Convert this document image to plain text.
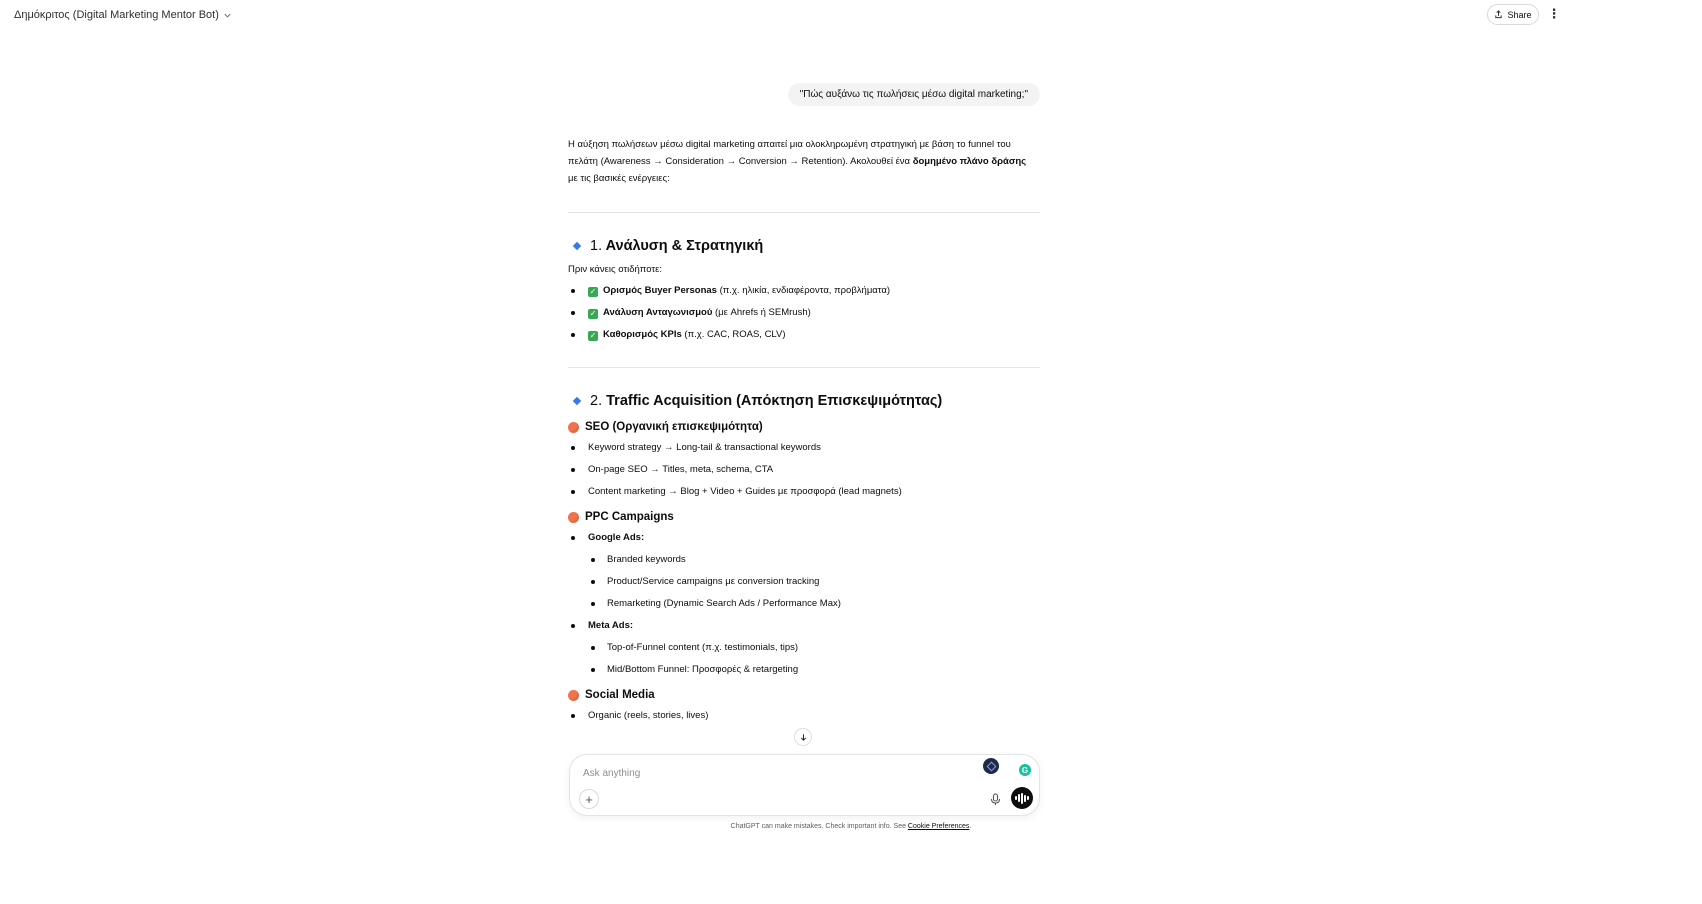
Δημόκριτος (Digital Marketing Mentor Bot)	Share ⋮
"Πώς αυξάνω τις πωλήσεις μέσω digital marketing;"

Η αύξηση πωλήσεων μέσω digital marketing απαιτεί μια ολοκληρωμένη στρατηγική με βάση το funnel του
πελάτη (Awareness → Consideration → Conversion → Retention). Ακολουθεί ένα δομημένο πλάνο δράσης
με τις βασικές ενέργειες:

1. Ανάλυση & Στρατηγική
Πριν κάνεις οτιδήποτε:
✓ Ορισμός Buyer Personas (π.χ. ηλικία, ενδιαφέροντα, προβλήματα)
✓ Ανάλυση Ανταγωνισμού (με Ahrefs ή SEMrush)
✓ Καθορισμός KPIs (π.χ. CAC, ROAS, CLV)
2. Traffic Acquisition (Απόκτηση Επισκεψιμότητας)
SEO (Οργανική επισκεψιμότητα)
Keyword strategy → Long-tail & transactional keywords
On-page SEO → Titles, meta, schema, CTA
Content marketing → Blog + Video + Guides με προσφορά (lead magnets)
PPC Campaigns
Google Ads:
Branded keywords
Product/Service campaigns με conversion tracking
Remarketing (Dynamic Search Ads / Performance Max)
Meta Ads:
Top-of-Funnel content (π.χ. testimonials, tips)
Mid/Bottom Funnel: Προσφορές & retargeting
Social Media
Organic (reels, stories, lives)
Ask anything
G
+
ChatGPT can make mistakes. Check important info. See Cookie Preferences.
